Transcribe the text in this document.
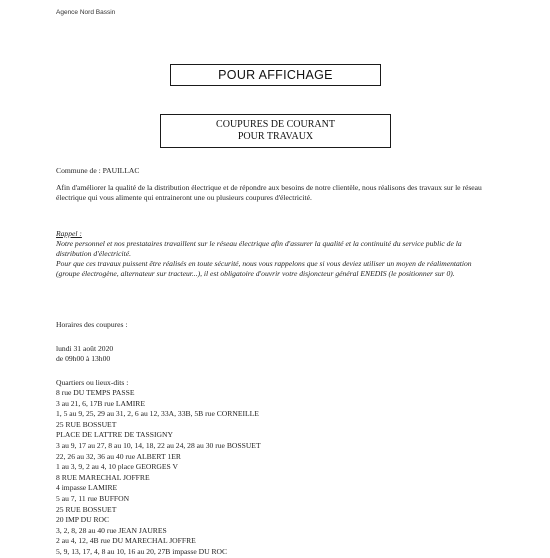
Agence Nord Bassin
POUR AFFICHAGE
COUPURES DE COURANT
POUR TRAVAUX
Commune de : PAUILLAC
Afin d'améliorer la qualité de la distribution électrique et de répondre aux besoins de notre clientèle, nous réalisons des travaux sur le réseau électrique qui vous alimente qui entraineront une ou plusieurs coupures d'électricité.
Rappel :
Notre personnel et nos prestataires travaillent sur le réseau électrique afin d'assurer la qualité et la continuité du service public de la distribution d'électricité.
Pour que ces travaux puissent être réalisés en toute sécurité, nous vous rappelons que si vous deviez utiliser un moyen de réalimentation (groupe électrogène, alternateur sur tracteur...), il est obligatoire d'ouvrir votre disjoncteur général ENEDIS (le positionner sur 0).
Horaires des coupures :
lundi 31 août 2020
de 09h00 à 13h00
Quartiers ou lieux-dits :
8 rue DU TEMPS PASSE
3 au 21, 6, 17B rue LAMIRE
1, 5 au 9, 25, 29 au 31, 2, 6 au 12, 33A, 33B, 5B rue CORNEILLE
25 RUE BOSSUET
PLACE DE LATTRE DE TASSIGNY
3 au 9, 17 au 27, 8 au 10, 14, 18, 22 au 24, 28 au 30 rue BOSSUET
22, 26 au 32, 36 au 40 rue ALBERT 1ER
1 au 3, 9, 2 au 4, 10 place GEORGES V
8 RUE MARECHAL JOFFRE
4 impasse LAMIRE
5 au 7, 11 rue BUFFON
25 RUE BOSSUET
20 IMP DU ROC
3, 2, 8, 28 au 40 rue JEAN JAURES
2 au 4, 12, 4B rue DU MARECHAL JOFFRE
5, 9, 13, 17, 4, 8 au 10, 16 au 20, 27B impasse DU ROC
